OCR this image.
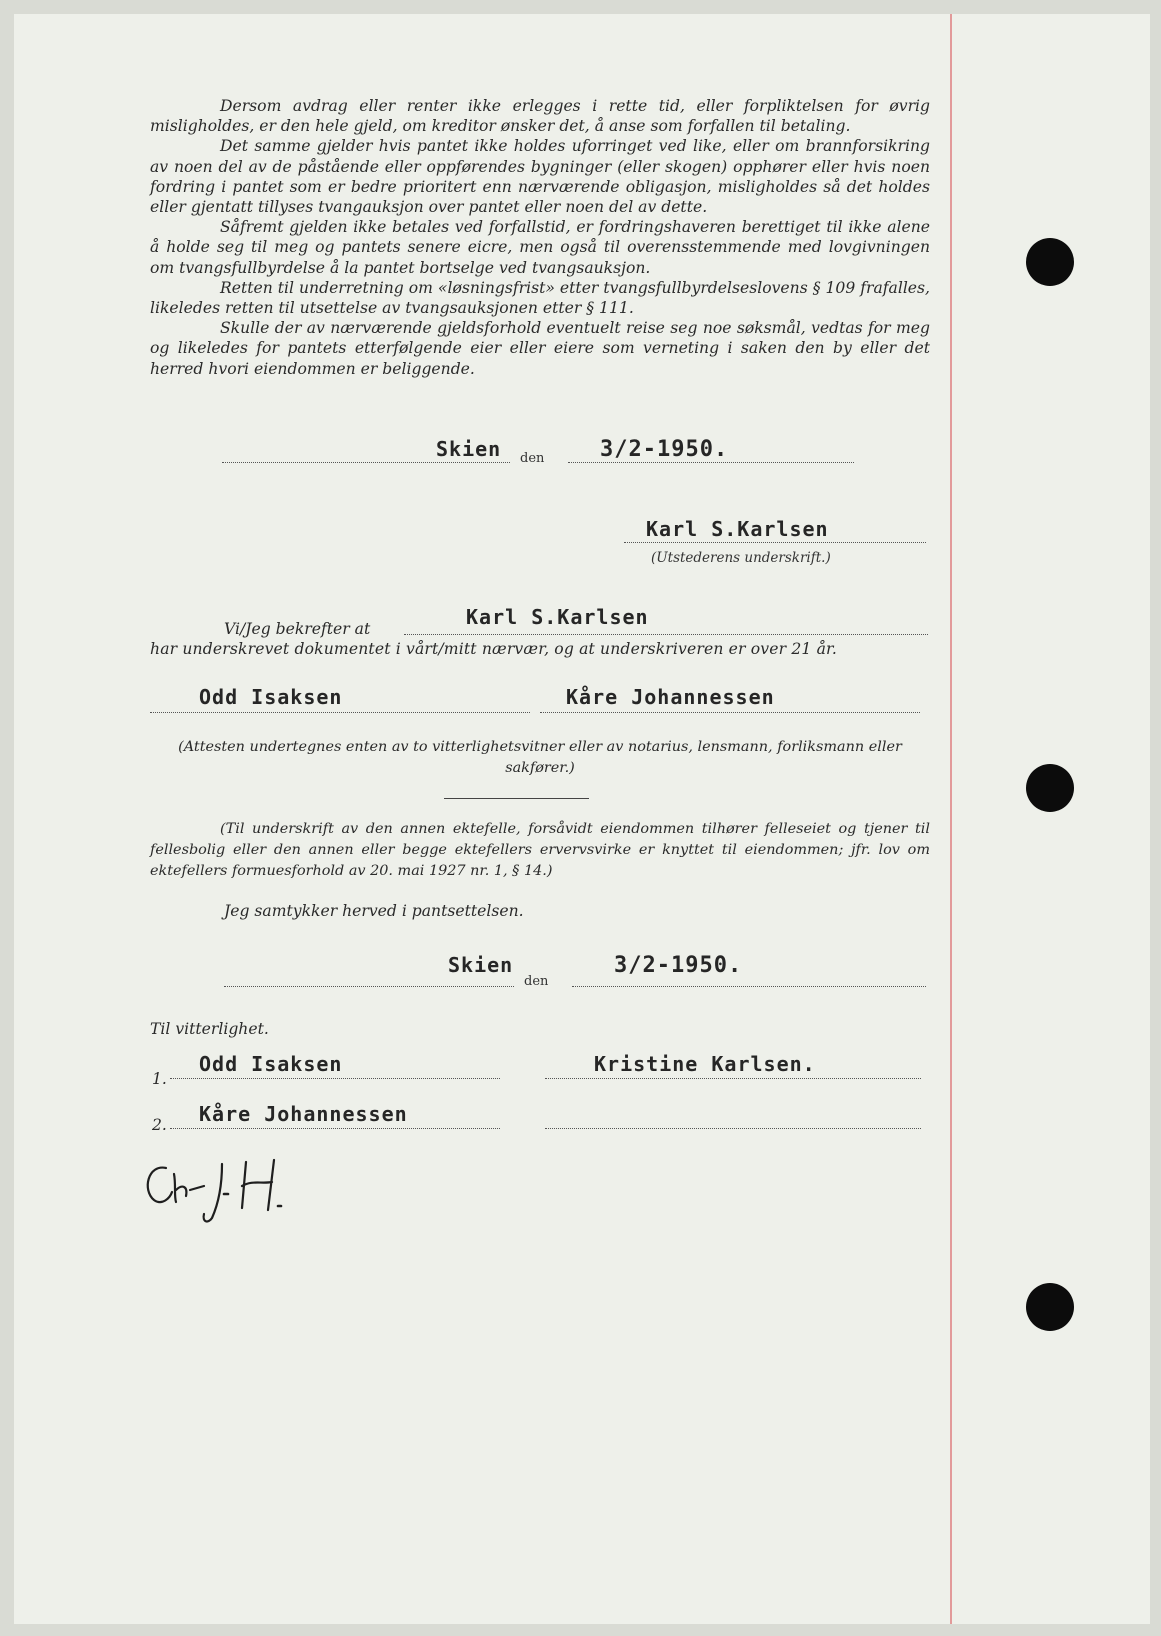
Dersom avdrag eller renter ikke erlegges i rette tid, eller forpliktelsen for øvrig misligholdes, er den hele gjeld, om kreditor ønsker det, å anse som forfallen til betaling.

Det samme gjelder hvis pantet ikke holdes uforringet ved like, eller om brannforsikring av noen del av de påstående eller oppførendes bygninger (eller skogen) opphører eller hvis noen fordring i pantet som er bedre prioritert enn nærværende obligasjon, misligholdes så det holdes eller gjentatt tillyses tvangauksjon over pantet eller noen del av dette.

Såfremt gjelden ikke betales ved forfallstid, er fordringshaveren berettiget til ikke alene å holde seg til meg og pantets senere eicre, men også til overensstemmende med lovgivningen om tvangsfullbyrdelse å la pantet bortselge ved tvangsauksjon.

Retten til underretning om «løsningsfrist» etter tvangsfullbyrdelseslovens § 109 frafalles, likeledes retten til utsettelse av tvangsauksjonen etter § 111.

Skulle der av nærværende gjeldsforhold eventuelt reise seg noe søksmål, vedtas for meg og likeledes for pantets etterfølgende eier eller eiere som verneting i saken den by eller det herred hvori eiendommen er beliggende.

Skien den	3/2-1950.
Karl S.Karlsen
(Utstederens underskrift.)
Karl S.Karlsen
Vi/Jeg bekrefter at
har underskrevet dokumentet i vårt/mitt nærvær, og at underskriveren er over 21 år.
Odd Isaksen	Kåre Johannessen
(Attesten undertegnes enten av to vitterlighetsvitner eller av notarius, lensmann, forliksmann eller sakfører.)
(Til underskrift av den annen ektefelle, forsåvidt eiendommen tilhører felleseiet og tjener til fellesbolig eller den annen eller begge ektefellers ervervsvirke er knyttet til eiendommen; jfr. lov om ektefellers formuesforhold av 20. mai 1927 nr. 1, § 14.)
Jeg samtykker herved i pantsettelsen.
Skien
den
3/2-1950.
Til vitterlighet.
1.
Odd Isaksen	Kristine Karlsen.
2. Kåre Johannessen
